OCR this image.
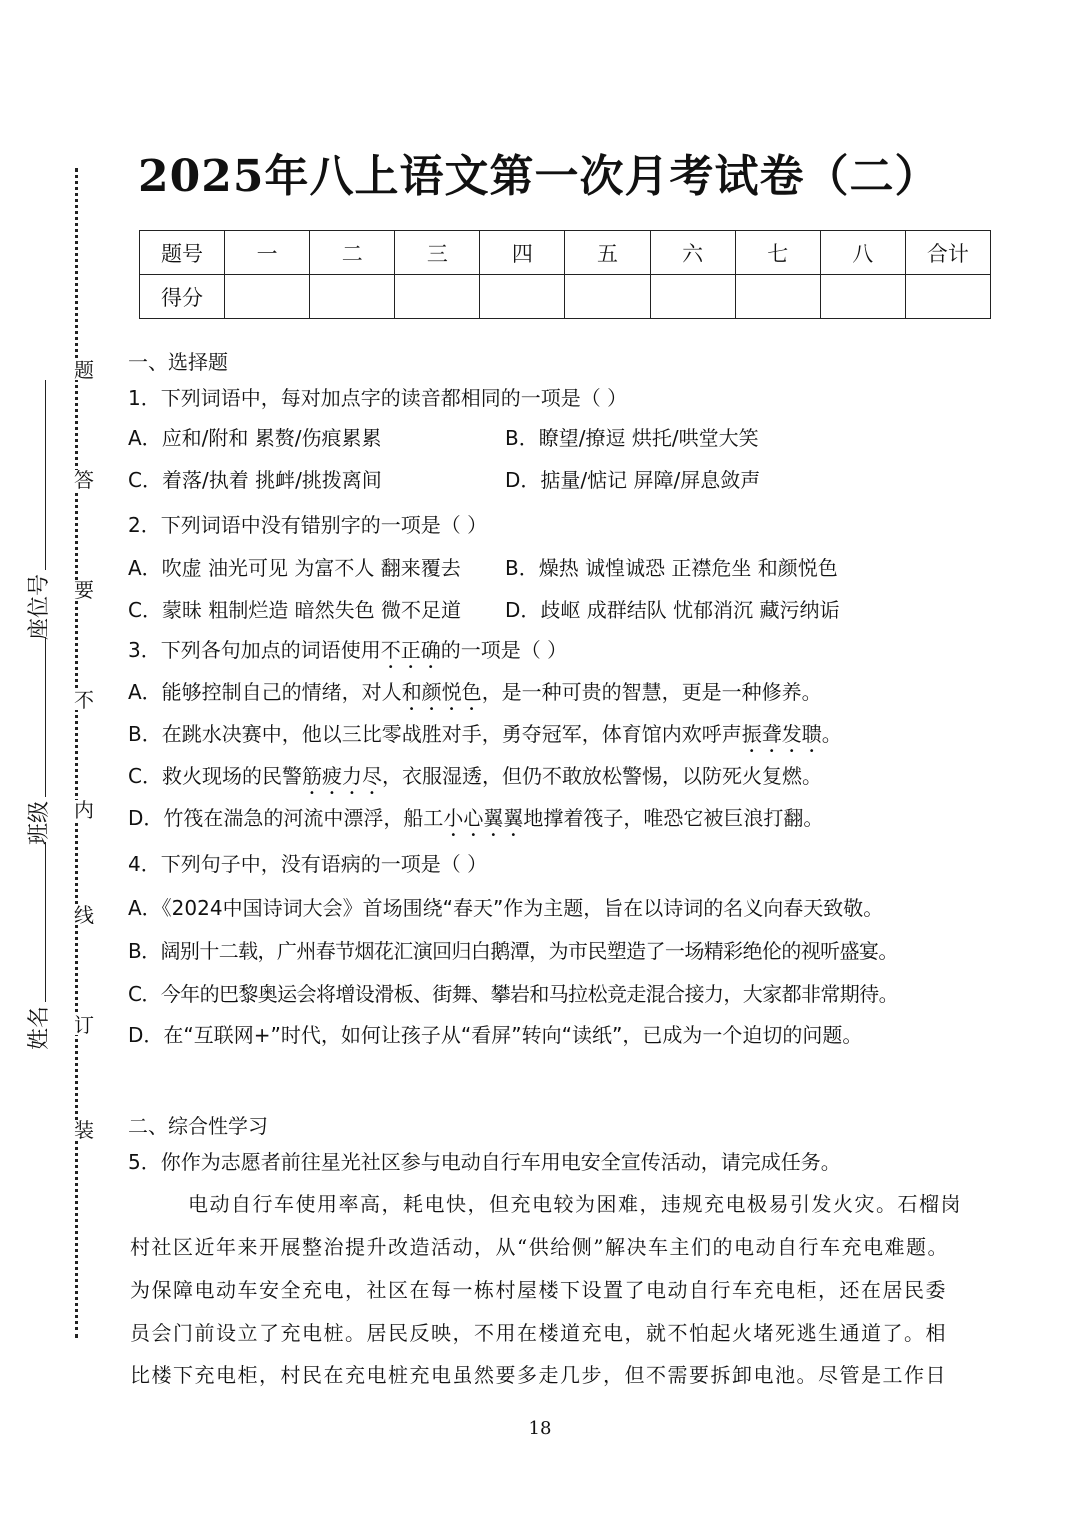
题
答
要
不
内
线
订
装
座位号
班级
姓名
2025年八上语文第一次月考试卷（二）
题号	一	二	三	四	五	六	七	八	合计
得分									
一、选择题
1．下列词语中，每对加点字的读音都相同的一项是（ ）
A．应和/附和 累赘/伤痕累累	B．瞭望/撩逗 烘托/哄堂大笑
C．着落/执着 挑衅/挑拨离间	D．掂量/惦记 屏障/屏息敛声
2．下列词语中没有错别字的一项是（ ）
A．吹虚 油光可见 为富不人 翻来覆去 B．燥热 诚惶诚恐 正襟危坐 和颜悦色
C．蒙昧 粗制烂造 暗然失色 微不足道 D．歧岖 成群结队 忧郁消沉 藏污纳诟
3．下列各句加点的词语使用不正确的一项是（ ）
A．能够控制自己的情绪，对人和颜悦色，是一种可贵的智慧，更是一种修养。
B．在跳水决赛中，他以三比零战胜对手，勇夺冠军，体育馆内欢呼声振聋发聩。
C．救火现场的民警筋疲力尽，衣服湿透，但仍不敢放松警惕，以防死火复燃。
D．竹筏在湍急的河流中漂浮，船工小心翼翼地撑着筏子，唯恐它被巨浪打翻。
4．下列句子中，没有语病的一项是（ ）
A．《2024中国诗词大会》首场围绕“春天”作为主题，旨在以诗词的名义向春天致敬。
B．阔别十二载，广州春节烟花汇演回归白鹅潭，为市民塑造了一场精彩绝伦的视听盛宴。
C．今年的巴黎奥运会将增设滑板、街舞、攀岩和马拉松竞走混合接力，大家都非常期待。
D．在“互联网+”时代，如何让孩子从“看屏”转向“读纸”，已成为一个迫切的问题。
二、综合性学习
5．你作为志愿者前往星光社区参与电动自行车用电安全宣传活动，请完成任务。
电动自行车使用率高，耗电快，但充电较为困难，违规充电极易引发火灾。石榴岗
村社区近年来开展整治提升改造活动，从“供给侧”解决车主们的电动自行车充电难题。
为保障电动车安全充电，社区在每一栋村屋楼下设置了电动自行车充电柜，还在居民委
员会门前设立了充电桩。居民反映，不用在楼道充电，就不怕起火堵死逃生通道了。相
比楼下充电柜，村民在充电桩充电虽然要多走几步，但不需要拆卸电池。尽管是工作日
18
